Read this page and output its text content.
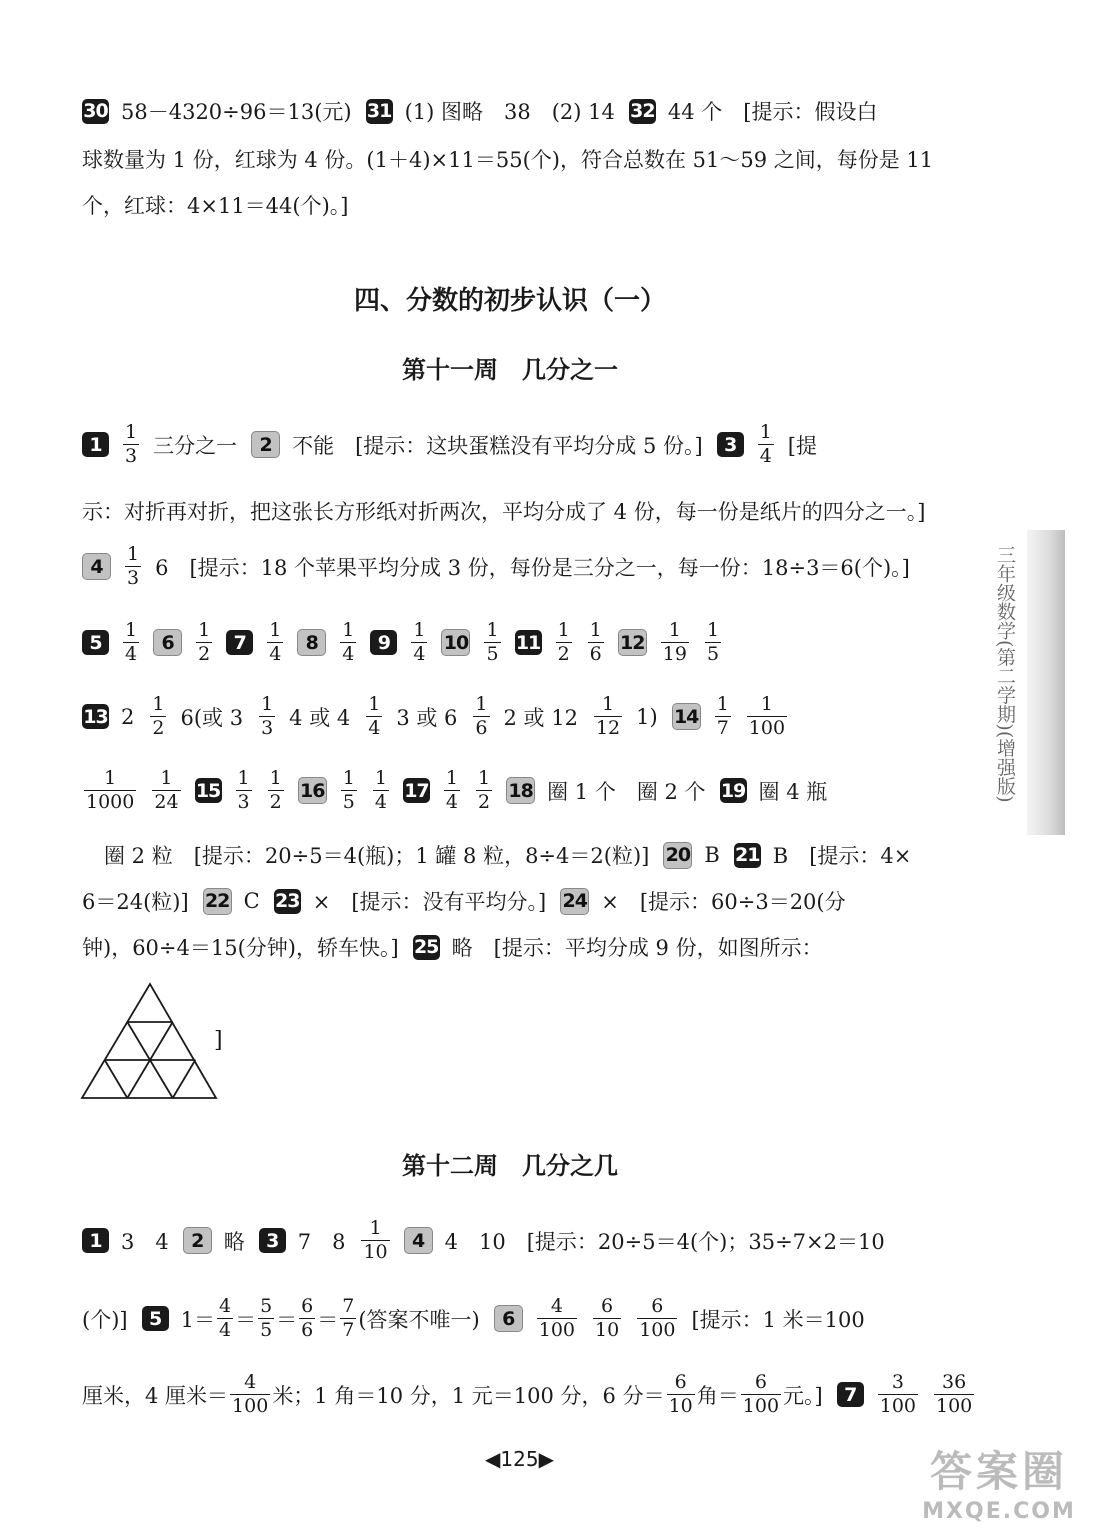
30 58－4320÷96＝13(元) 31 (1) 图略　38　(2) 14 32 44 个　[提示：假设白
球数量为 1 份，红球为 4 份。(1＋4)×11＝55(个)，符合总数在 51～59 之间，每份是 11
个，红球：4×11＝44(个)。]
四、分数的初步认识（一）
第十一周　几分之一
1	$\frac{1}{3}$ 三分之一	2 不能　[提示：这块蛋糕没有平均分成 5 份。]	3	$\frac{1}{4}$ [提
示：对折再对折，把这张长方形纸对折两次，平均分成了 4 份，每一份是纸片的四分之一。]
4	$\frac{1}{3} 6$　[提示：18 个苹果平均分成 3 份，每份是三分之一，每一份：18÷3＝6(个)。]
5	$\frac{1}{4}$	6	$\frac{1}{2}$	7	$\frac{1}{4}$	8	$\frac{1}{4}$	9	$\frac{1}{4} 10 \frac{1}{5} 11 \frac{1}{2} \frac{1}{6} 12 \frac{1}{19} \frac{1}{5}$
13 $2 \frac{1}{2} 6$(或 $3 \frac{1}{3} 4$ 或 $4 \frac{1}{4} 3$ 或 $6 \frac{1}{6} 2$ 或 $12 \frac{1}{12} 1$) $14 \frac{1}{7} \frac{1}{100}$
$\frac{1}{1000} \frac{1}{24} 15 \frac{1}{3} \frac{1}{2} 16 \frac{1}{5} \frac{1}{4} 17 \frac{1}{4} \frac{1}{2} 18$ 圈 1 个　圈 2 个 19 圈 4 瓶
圈 2 粒　[提示：20÷5＝4(瓶)；1 罐 8 粒，8÷4＝2(粒)] 20 B 21 B　[提示：4×
6＝24(粒)] 22 C 23 ×　[提示：没有平均分。] 24 ×　[提示：60÷3＝20(分
钟)，60÷4＝15(分钟)，轿车快。] 25 略　[提示：平均分成 9 份，如图所示：
]
第十二周　几分之几
1 3　4	2 略	3 7　$8 \frac{1}{10}$	4 4　10　[提示：20÷5＝4(个)；35÷7×2＝10
(个)]	5 $1= \frac{4}{4} = \frac{5}{5} = \frac{6}{6} = \frac{7}{7}$ (答案不唯一)	6	$\frac{4}{100} \frac{6}{10} \frac{6}{100}$ [提示：1 米＝100
厘米，4 厘米＝ $\frac{4}{100}$ 米；1 角＝10 分，1 元＝100 分，6 分＝ $\frac{6}{10}$ 角＝ $\frac{6}{100}$ 元。]	7	$\frac{3}{100} \frac{36}{100}$
三年级数学(第二学期)(增强版)
◀125▶	答案圈
MXQE.COM
